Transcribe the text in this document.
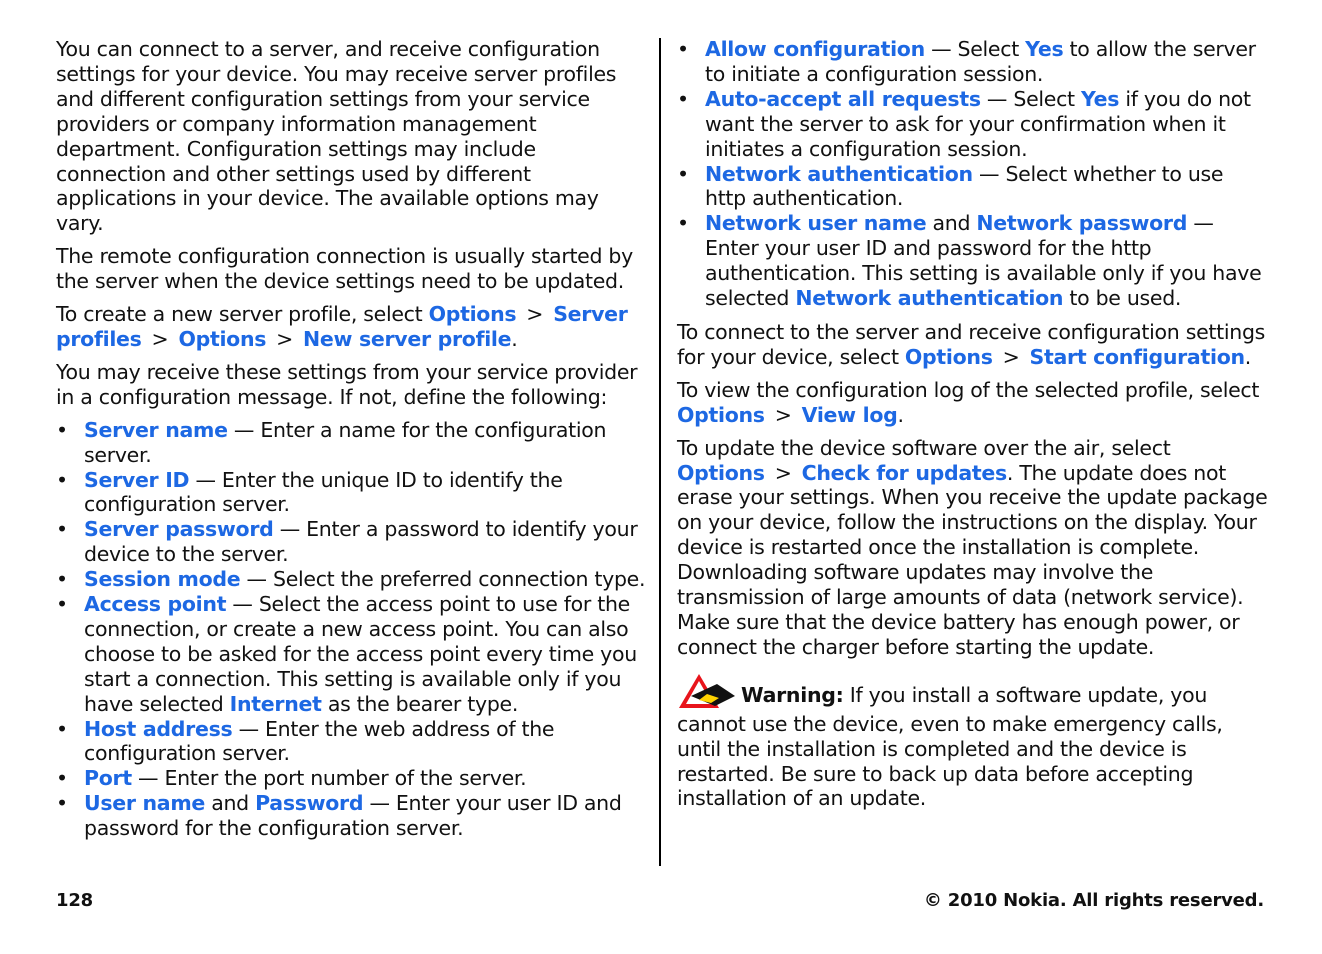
You can connect to a server, and receive configuration settings for your device. You may receive server profiles and different configuration settings from your service providers or company information management department. Configuration settings may include connection and other settings used by different applications in your device. The available options may vary.

The remote configuration connection is usually started by the server when the device settings need to be updated.

To create a new server profile, select Options > Server profiles > Options > New server profile.

You may receive these settings from your service provider in a configuration message. If not, define the following:

• Server name — Enter a name for the configuration server.
• Server ID — Enter the unique ID to identify the configuration server.
• Server password — Enter a password to identify your device to the server.
• Session mode — Select the preferred connection type.
• Access point — Select the access point to use for the connection, or create a new access point. You can also choose to be asked for the access point every time you start a connection. This setting is available only if you have selected Internet as the bearer type.
• Host address — Enter the web address of the configuration server.
• Port — Enter the port number of the server.
• User name and Password — Enter your user ID and password for the configuration server.
• Allow configuration — Select Yes to allow the server to initiate a configuration session.
• Auto-accept all requests — Select Yes if you do not want the server to ask for your confirmation when it initiates a configuration session.
• Network authentication — Select whether to use http authentication.
• Network user name and Network password — Enter your user ID and password for the http authentication. This setting is available only if you have selected Network authentication to be used.

To connect to the server and receive configuration settings for your device, select Options > Start configuration.

To view the configuration log of the selected profile, select Options > View log.

To update the device software over the air, select Options > Check for updates. The update does not erase your settings. When you receive the update package on your device, follow the instructions on the display. Your device is restarted once the installation is complete. Downloading software updates may involve the transmission of large amounts of data (network service). Make sure that the device battery has enough power, or connect the charger before starting the update.

Warning: If you install a software update, you cannot use the device, even to make emergency calls, until the installation is completed and the device is restarted. Be sure to back up data before accepting installation of an update.

128	© 2010 Nokia. All rights reserved.
